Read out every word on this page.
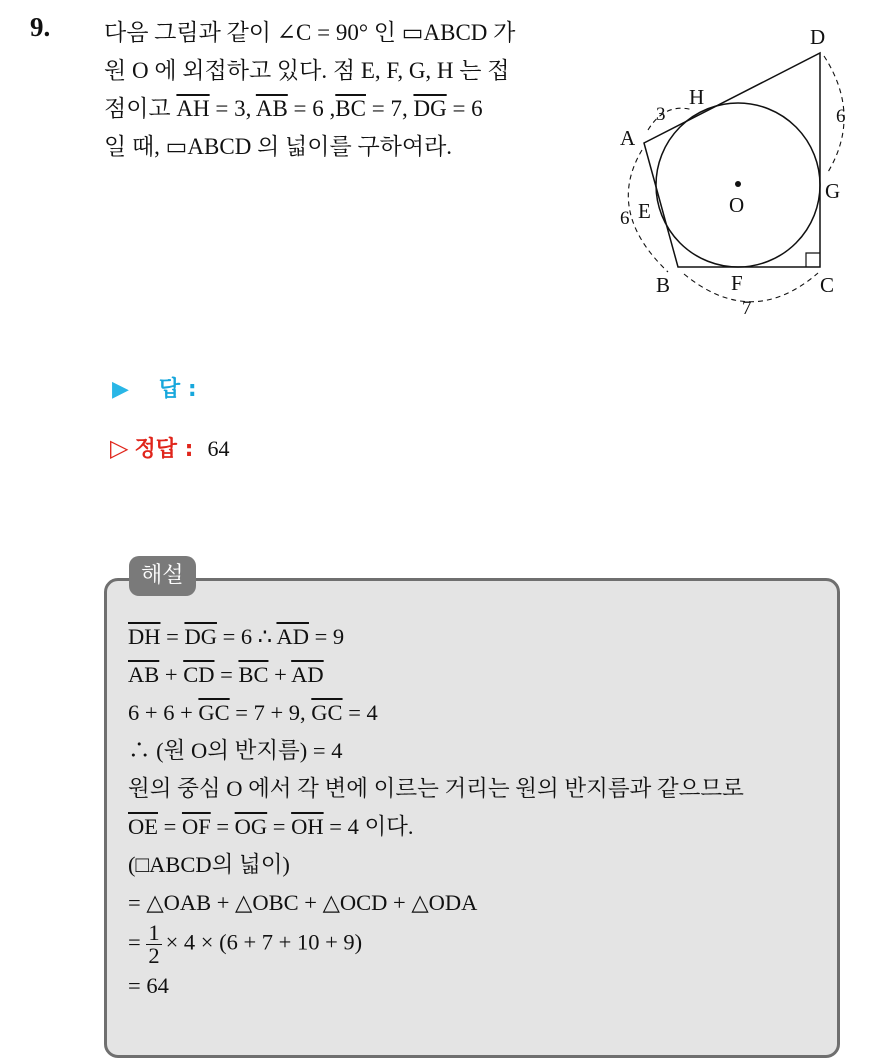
9. 다음 그림과 같이 ∠C = 90° 인 ▭ABCD 가
원 O 에 외접하고 있다. 점 E, F, G, H 는 접
점이고 $\overline{AH} = 3$, $\overline{AB} = 6$ $,\overline{BC} = 7$, $\overline{DG} = 6$
일 때, ▭ABCD 의 넓이를 구하여라.	A
B	C
D
E
F
G
H
O
3
6
7
6
▶ 답 :
▷ 정답 : 64
해설
$\overline{DH} = \overline{DG} = 6$ ∴ $\overline{AD} = 9$
$\overline{AB} + \overline{CD} = \overline{BC} + \overline{AD}$
$6 + 6 + \overline{GC} = 7 + 9$, $\overline{GC} = 4$
∴ (원 O의 반지름) = 4
원의 중심 O 에서 각 변에 이르는 거리는 원의 반지름과 같으므로
$\overline{OE} = \overline{OF} = \overline{OG} = \overline{OH} = 4$ 이다.
(□ABCD의 넓이)
= △OAB + △OBC + △OCD + △ODA
= $\frac{1}{2} \times 4 \times (6 + 7 + 10 + 9)$
= 64
